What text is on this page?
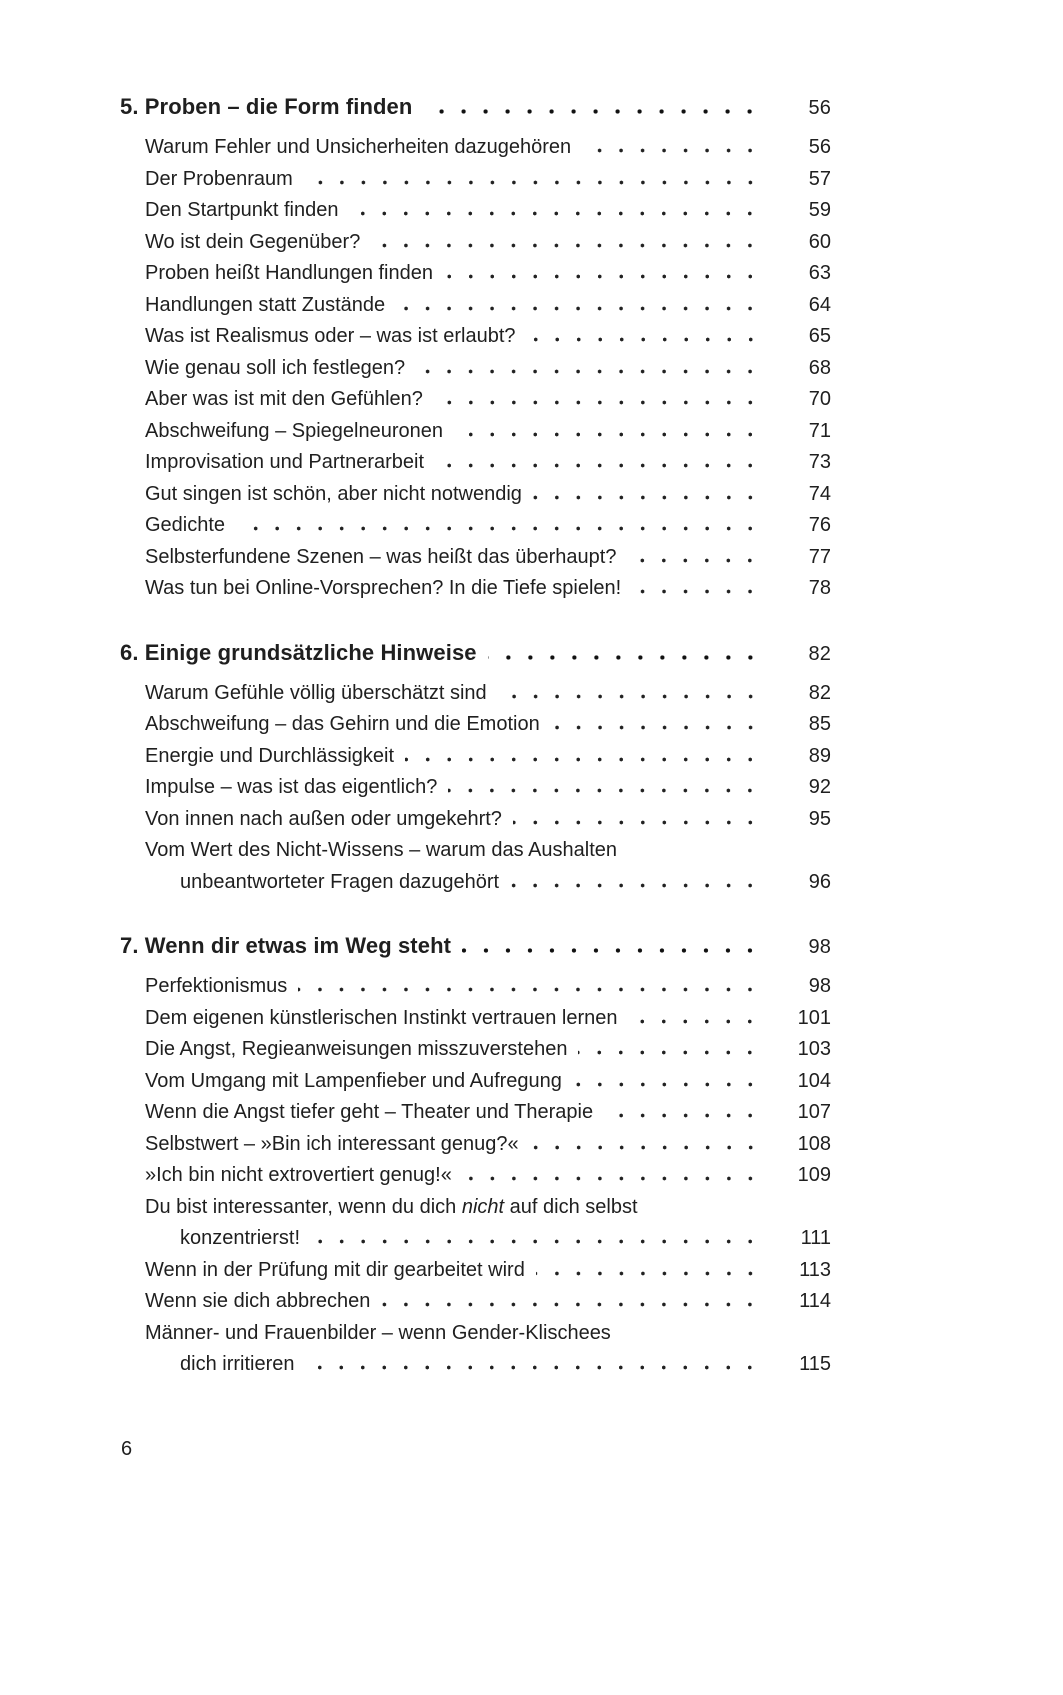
5. Proben – die Form finden	56
Warum Fehler und Unsicherheiten dazugehören	56
Der Probenraum	57
Den Startpunkt finden	59
Wo ist dein Gegenüber?	60
Proben heißt Handlungen finden	63
Handlungen statt Zustände	64
Was ist Realismus oder – was ist erlaubt?	65
Wie genau soll ich festlegen?	68
Aber was ist mit den Gefühlen?	70
Abschweifung – Spiegelneuronen	71
Improvisation und Partnerarbeit	73
Gut singen ist schön, aber nicht notwendig	74
Gedichte	76
Selbsterfundene Szenen – was heißt das überhaupt?	77
Was tun bei Online-Vorsprechen? In die Tiefe spielen!	78
6. Einige grundsätzliche Hinweise	82
Warum Gefühle völlig überschätzt sind	82
Abschweifung – das Gehirn und die Emotion	85
Energie und Durchlässigkeit	89
Impulse – was ist das eigentlich?	92
Von innen nach außen oder umgekehrt?	95
Vom Wert des Nicht-Wissens – warum das Aushalten
unbeantworteter Fragen dazugehört	96
7. Wenn dir etwas im Weg steht	98
Perfektionismus	98
Dem eigenen künstlerischen Instinkt vertrauen lernen	101
Die Angst, Regieanweisungen misszuverstehen	103
Vom Umgang mit Lampenfieber und Aufregung	104
Wenn die Angst tiefer geht – Theater und Therapie	107
Selbstwert – »Bin ich interessant genug?«	108
»Ich bin nicht extrovertiert genug!«	109
Du bist interessanter, wenn du dich nicht auf dich selbst
konzentrierst!	111
Wenn in der Prüfung mit dir gearbeitet wird	113
Wenn sie dich abbrechen	114
Männer- und Frauenbilder – wenn Gender-Klischees
dich irritieren	115
6
